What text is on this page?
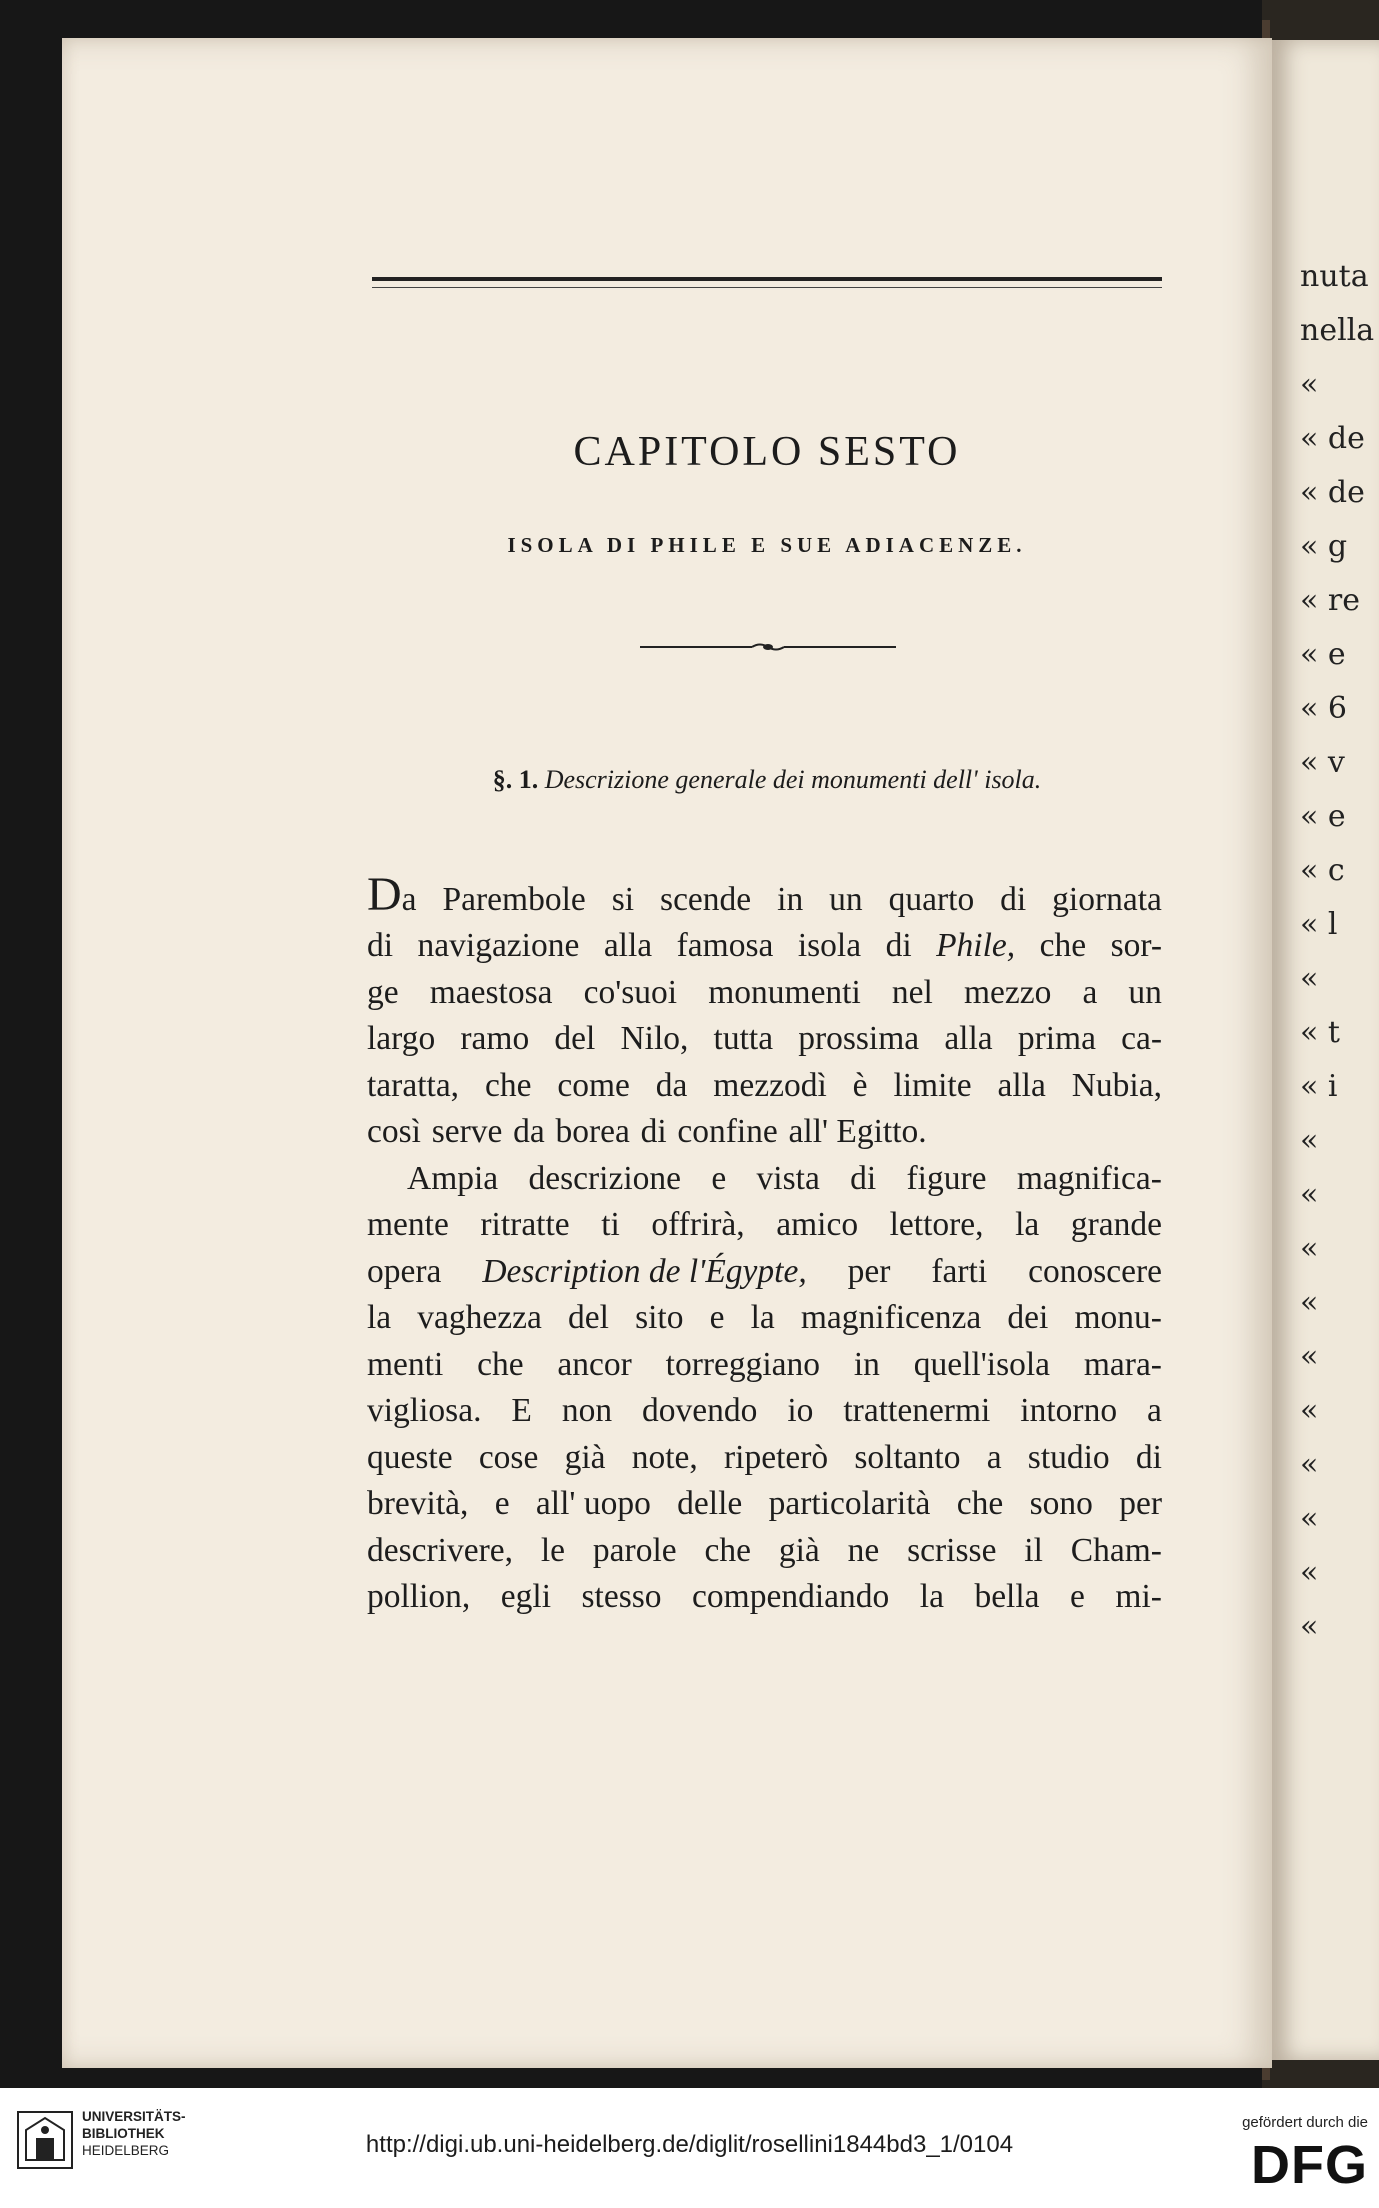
nuta
nella
«
« de
« de
« g
« re
« e
« 6
« v
« e
« c
« l
«
« t
« i
«
«
«
«
«
«
«
«
«
«
CAPITOLO SESTO
ISOLA DI PHILE E SUE ADIACENZE.
§. 1. Descrizione generale dei monumenti dell' isola.
Da Parembole si scende in un quarto di giornata
di navigazione alla famosa isola di Phile, che sor-
ge maestosa co'suoi monumenti nel mezzo a un
largo ramo del Nilo, tutta prossima alla prima ca-
taratta, che come da mezzodì è limite alla Nubia,
così serve da borea di confine all' Egitto.
Ampia descrizione e vista di figure magnifica-
mente ritratte ti offrirà, amico lettore, la grande
opera Description de l'Égypte, per farti conoscere
la vaghezza del sito e la magnificenza dei monu-
menti che ancor torreggiano in quell'isola mara-
vigliosa. E non dovendo io trattenermi intorno a
queste cose già note, ripeterò soltanto a studio di
brevità, e all' uopo delle particolarità che sono per
descrivere, le parole che già ne scrisse il Cham-
pollion, egli stesso compendiando la bella e mi-
UNIVERSITÄTS-
BIBLIOTHEK
HEIDELBERG	http://digi.ub.uni-heidelberg.de/diglit/rosellini1844bd3_1/0104
gefördert durch die
DFG
